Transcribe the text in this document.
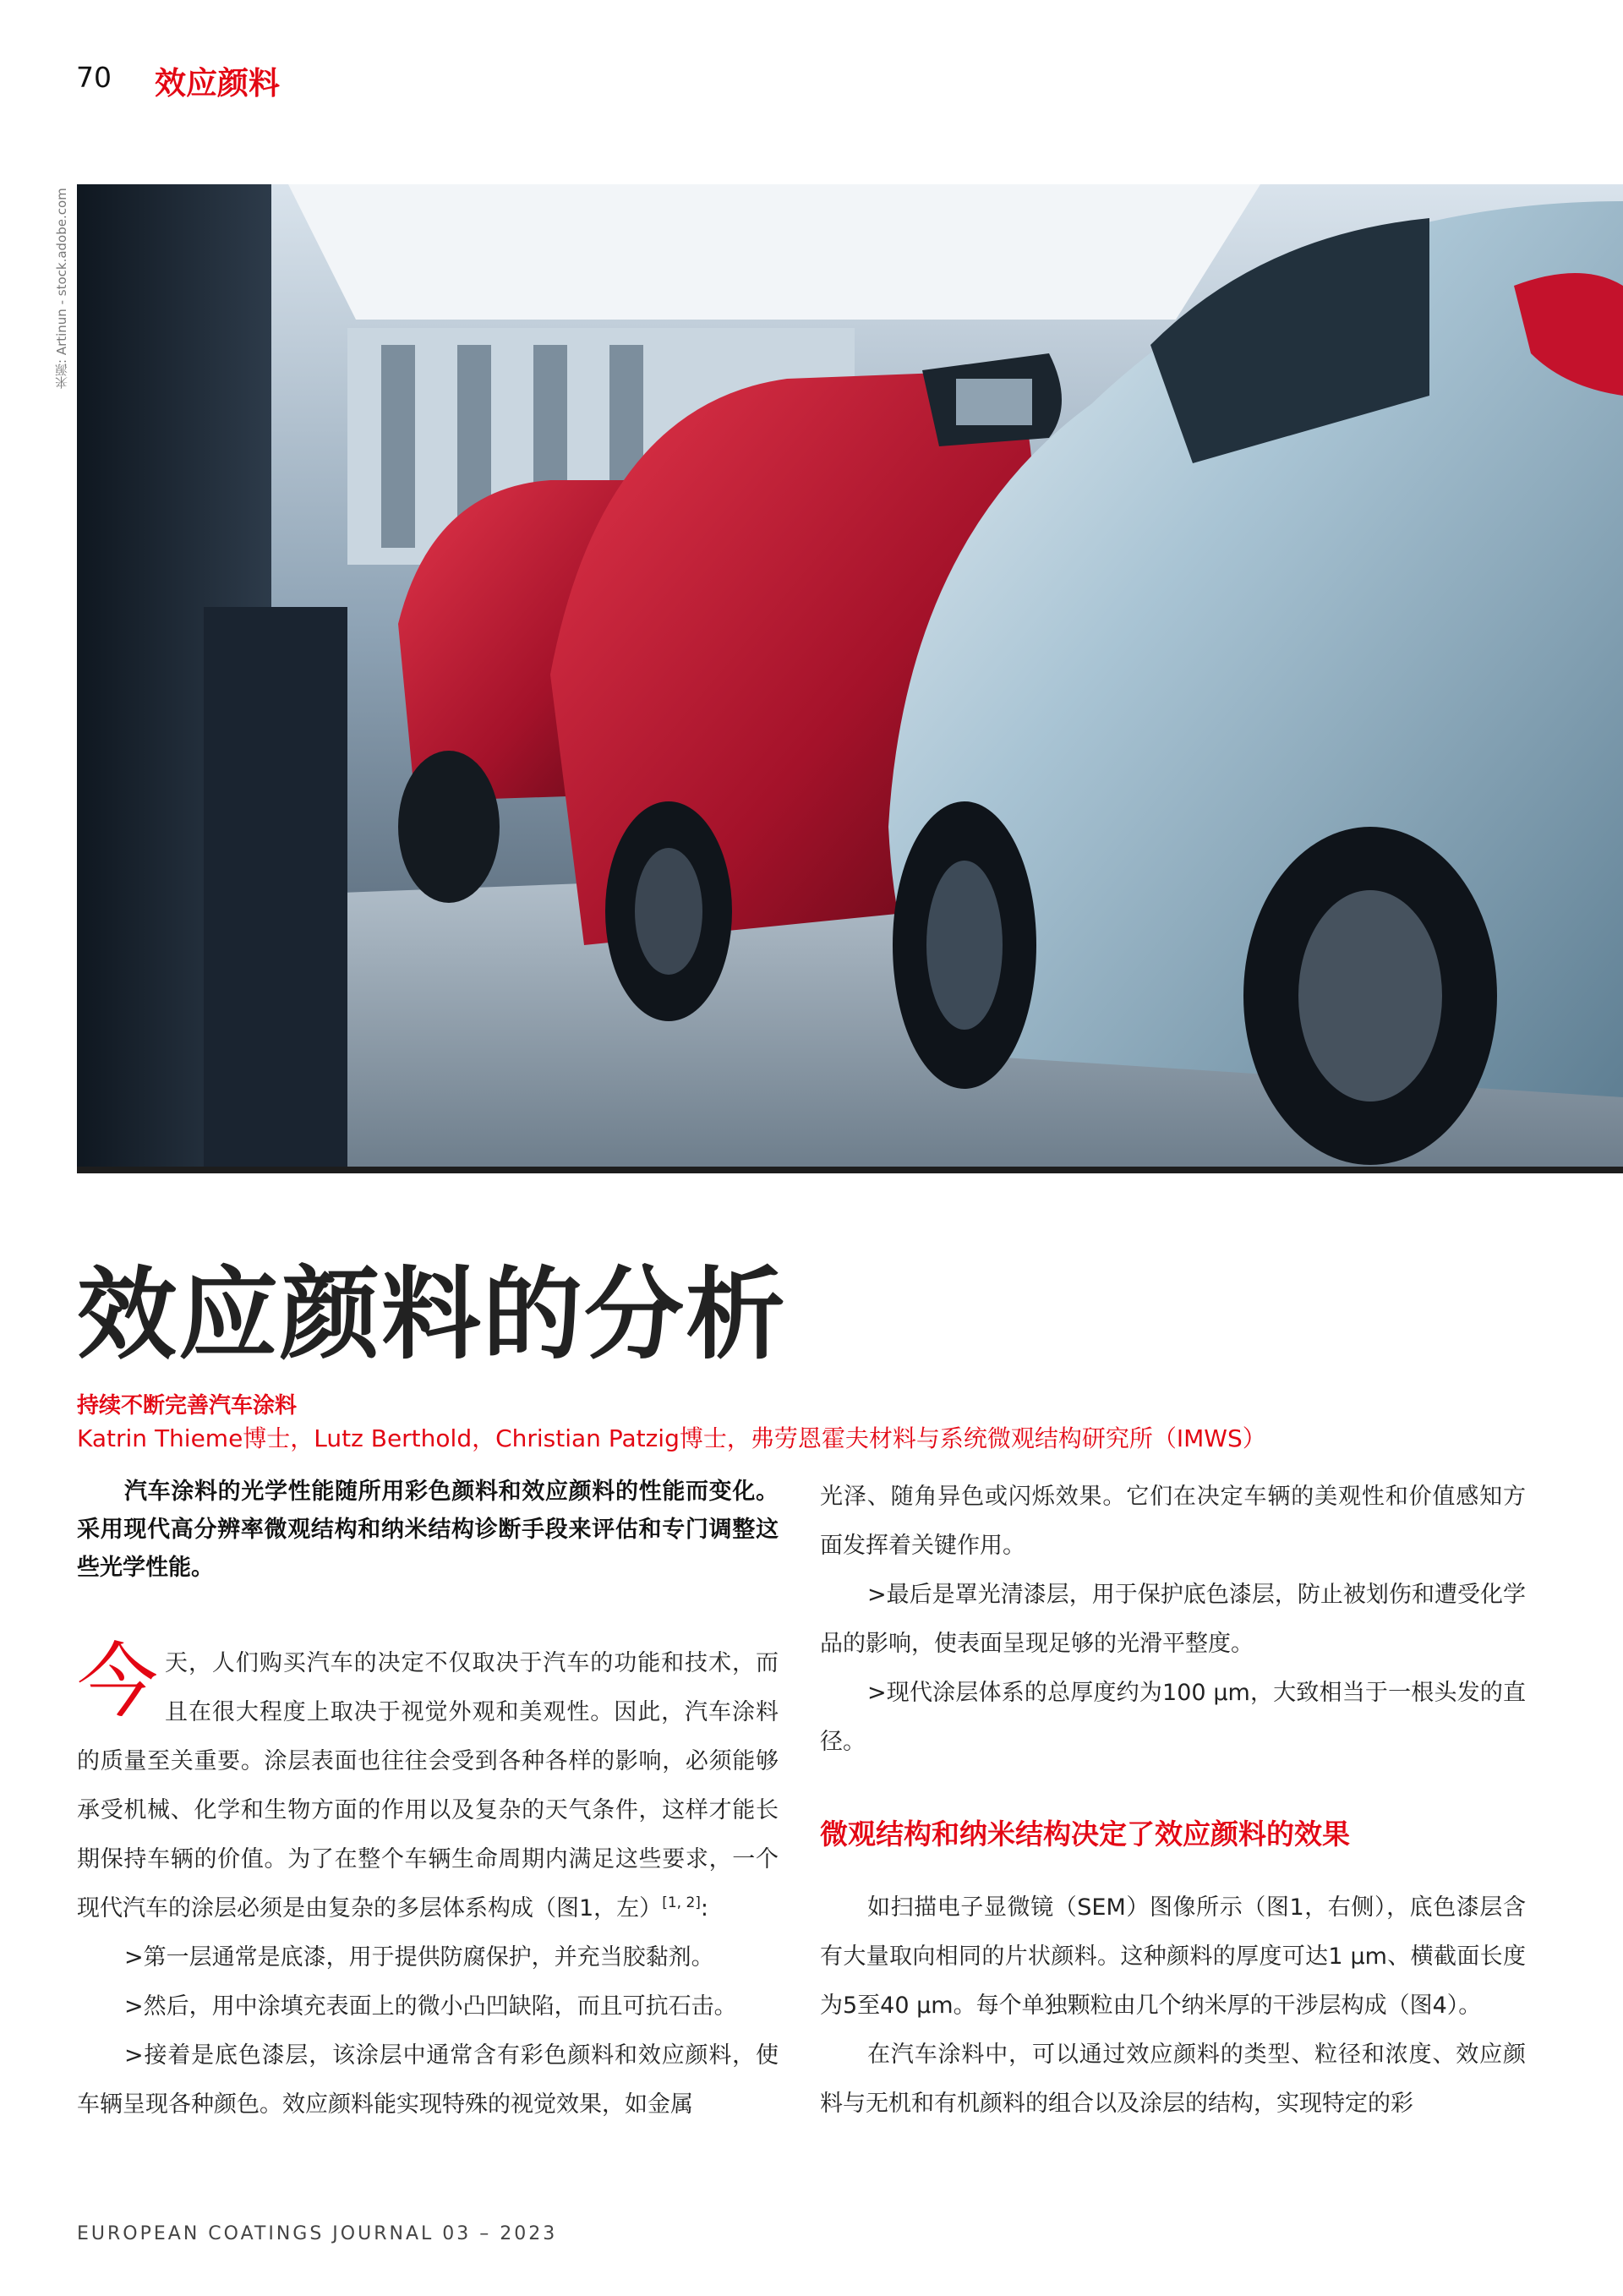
70 效应颜料
来源: Artinun - stock.adobe.com
效应颜料的分析
持续不断完善汽车涂料
Katrin Thieme博士，Lutz Berthold，Christian Patzig博士，弗劳恩霍夫材料与系统微观结构研究所（IMWS）

汽车涂料的光学性能随所用彩色颜料和效应颜料的性能而变化。采用现代高分辨率微观结构和纳米结构诊断手段来评估和专门调整这些光学性能。

今 天，人们购买汽车的决定不仅取决于汽车的功能和技术，而且在很大程度上取决于视觉外观和美观性。因此，汽车涂料的质量至关重要。涂层表面也往往会受到各种各样的影响，必须能够承受机械、化学和生物方面的作用以及复杂的天气条件，这样才能长期保持车辆的价值。为了在整个车辆生命周期内满足这些要求，一个现代汽车的涂层必须是由复杂的多层体系构成（图1，左）[1, 2]:

>第一层通常是底漆，用于提供防腐保护，并充当胶黏剂。

>然后，用中涂填充表面上的微小凸凹缺陷，而且可抗石击。

>接着是底色漆层，该涂层中通常含有彩色颜料和效应颜料，使车辆呈现各种颜色。效应颜料能实现特殊的视觉效果，如金属

光泽、随角异色或闪烁效果。它们在决定车辆的美观性和价值感知方面发挥着关键作用。

>最后是罩光清漆层，用于保护底色漆层，防止被划伤和遭受化学品的影响，使表面呈现足够的光滑平整度。

>现代涂层体系的总厚度约为100 μm，大致相当于一根头发的直径。

微观结构和纳米结构决定了效应颜料的效果

如扫描电子显微镜（SEM）图像所示（图1，右侧），底色漆层含有大量取向相同的片状颜料。这种颜料的厚度可达1 μm、横截面长度为5至40 μm。每个单独颗粒由几个纳米厚的干涉层构成（图4）。

在汽车涂料中，可以通过效应颜料的类型、粒径和浓度、效应颜料与无机和有机颜料的组合以及涂层的结构，实现特定的彩

EUROPEAN COATINGS JOURNAL 03 – 2023
